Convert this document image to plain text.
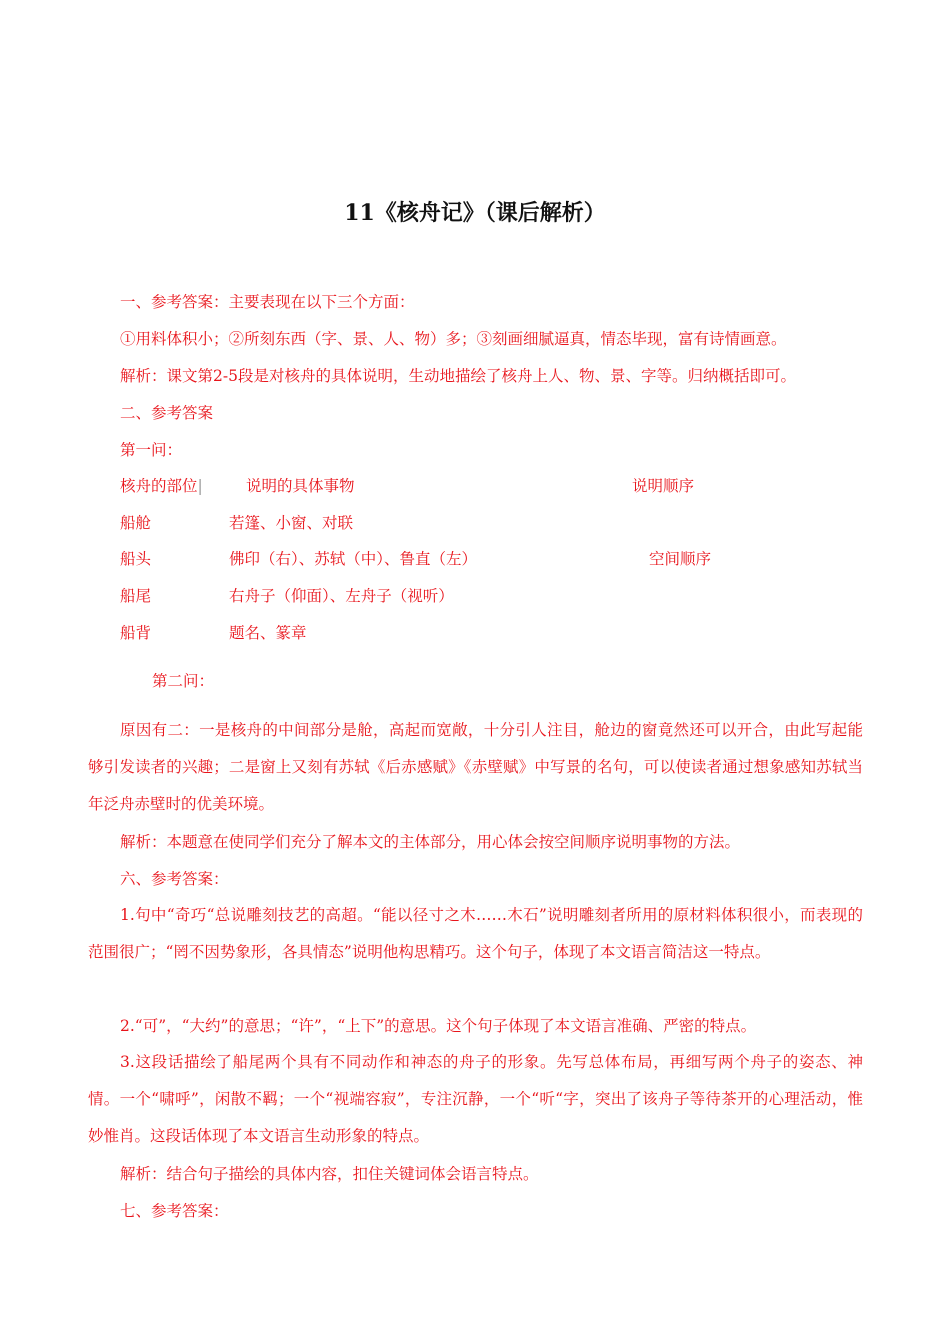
11《核舟记》（课后解析）
一、参考答案：主要表现在以下三个方面：
①用料体积小；②所刻东西（字、景、人、物）多；③刻画细腻逼真，情态毕现，富有诗情画意。
解析：课文第2-5段是对核舟的具体说明，生动地描绘了核舟上人、物、景、字等。归纳概括即可。
二、参考答案
第一问：
核舟的部位|	说明的具体事物	说明顺序
船舱	若篷、小窗、对联
船头	佛印（右）、苏轼（中）、鲁直（左）	空间顺序
船尾	右舟子（仰面）、左舟子（视听）
船背	题名、篆章
第二问：
原因有二：一是核舟的中间部分是舱，高起而宽敞，十分引人注目，舱边的窗竟然还可以开合，由此写起能够引发读者的兴趣；二是窗上又刻有苏轼《后赤感赋》《赤壁赋》中写景的名句，可以使读者通过想象感知苏轼当年泛舟赤壁时的优美环境。
解析：本题意在使同学们充分了解本文的主体部分，用心体会按空间顺序说明事物的方法。
六、参考答案：
1.句中“奇巧“总说雕刻技艺的高超。“能以径寸之木……木石”说明雕刻者所用的原材料体积很小，而表现的范围很广；“罔不因势象形，各具情态”说明他构思精巧。这个句子，体现了本文语言简洁这一特点。
2.“可”，“大约”的意思；“许”，“上下”的意思。这个句子体现了本文语言准确、严密的特点。
3.这段话描绘了船尾两个具有不同动作和神态的舟子的形象。先写总体布局，再细写两个舟子的姿态、神情。一个“啸呼”，闲散不羁；一个“视端容寂”，专注沉静，一个“听“字，突出了该舟子等待茶开的心理活动，惟妙惟肖。这段话体现了本文语言生动形象的特点。
解析：结合句子描绘的具体内容，扣住关键词体会语言特点。
七、参考答案：
